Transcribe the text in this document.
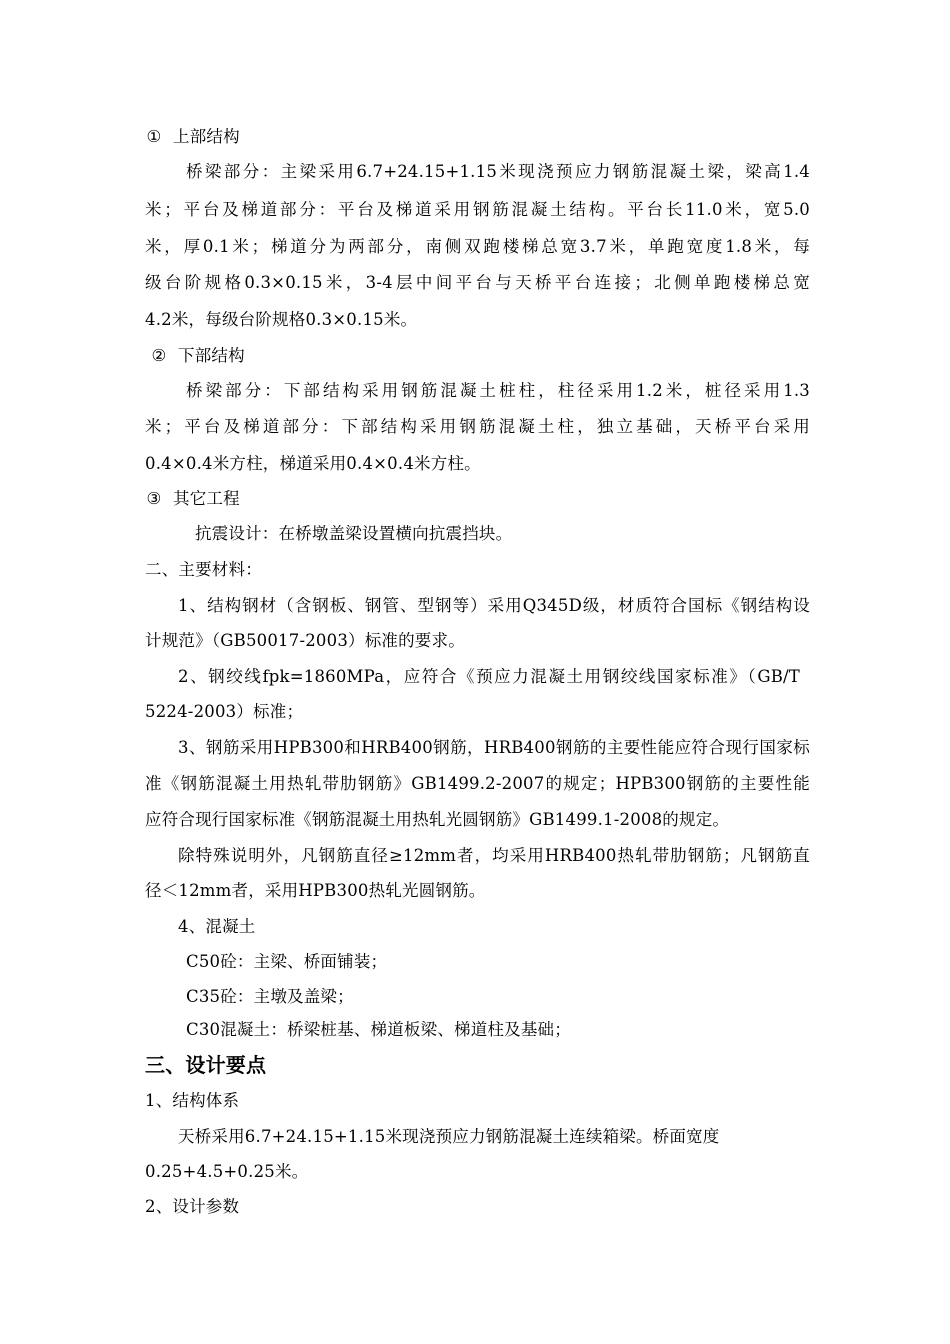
① 上部结构
桥梁部分：主梁采用6.7+24.15+1.15米现浇预应力钢筋混凝土梁，梁高1.4
米；平台及梯道部分：平台及梯道采用钢筋混凝土结构。平台长11.0米，宽5.0
米，厚0.1米；梯道分为两部分，南侧双跑楼梯总宽3.7米，单跑宽度1.8米，每
级台阶规格0.3×0.15米，3-4层中间平台与天桥平台连接；北侧单跑楼梯总宽
4.2米，每级台阶规格0.3×0.15米。
② 下部结构
桥梁部分：下部结构采用钢筋混凝土桩柱，柱径采用1.2米，桩径采用1.3
米；平台及梯道部分：下部结构采用钢筋混凝土柱，独立基础，天桥平台采用
0.4×0.4米方柱，梯道采用0.4×0.4米方柱。
③ 其它工程
抗震设计：在桥墩盖梁设置横向抗震挡块。
二、主要材料：
1、结构钢材（含钢板、钢管、型钢等）采用Q345D级，材质符合国标《钢结构设
计规范》（GB50017-2003）标准的要求。
2、钢绞线fpk=1860MPa，应符合《预应力混凝土用钢绞线国家标准》（GB/T
5224-2003）标准；
3、钢筋采用HPB300和HRB400钢筋，HRB400钢筋的主要性能应符合现行国家标
准《钢筋混凝土用热轧带肋钢筋》GB1499.2-2007的规定；HPB300钢筋的主要性能
应符合现行国家标准《钢筋混凝土用热轧光圆钢筋》GB1499.1-2008的规定。
除特殊说明外，凡钢筋直径≥12mm者，均采用HRB400热轧带肋钢筋；凡钢筋直
径＜12mm者，采用HPB300热轧光圆钢筋。
4、混凝土
C50砼：主梁、桥面铺装；
C35砼：主墩及盖梁；
C30混凝土：桥梁桩基、梯道板梁、梯道柱及基础；
三、设计要点
1、结构体系
天桥采用6.7+24.15+1.15米现浇预应力钢筋混凝土连续箱梁。桥面宽度
0.25+4.5+0.25米。
2、设计参数
